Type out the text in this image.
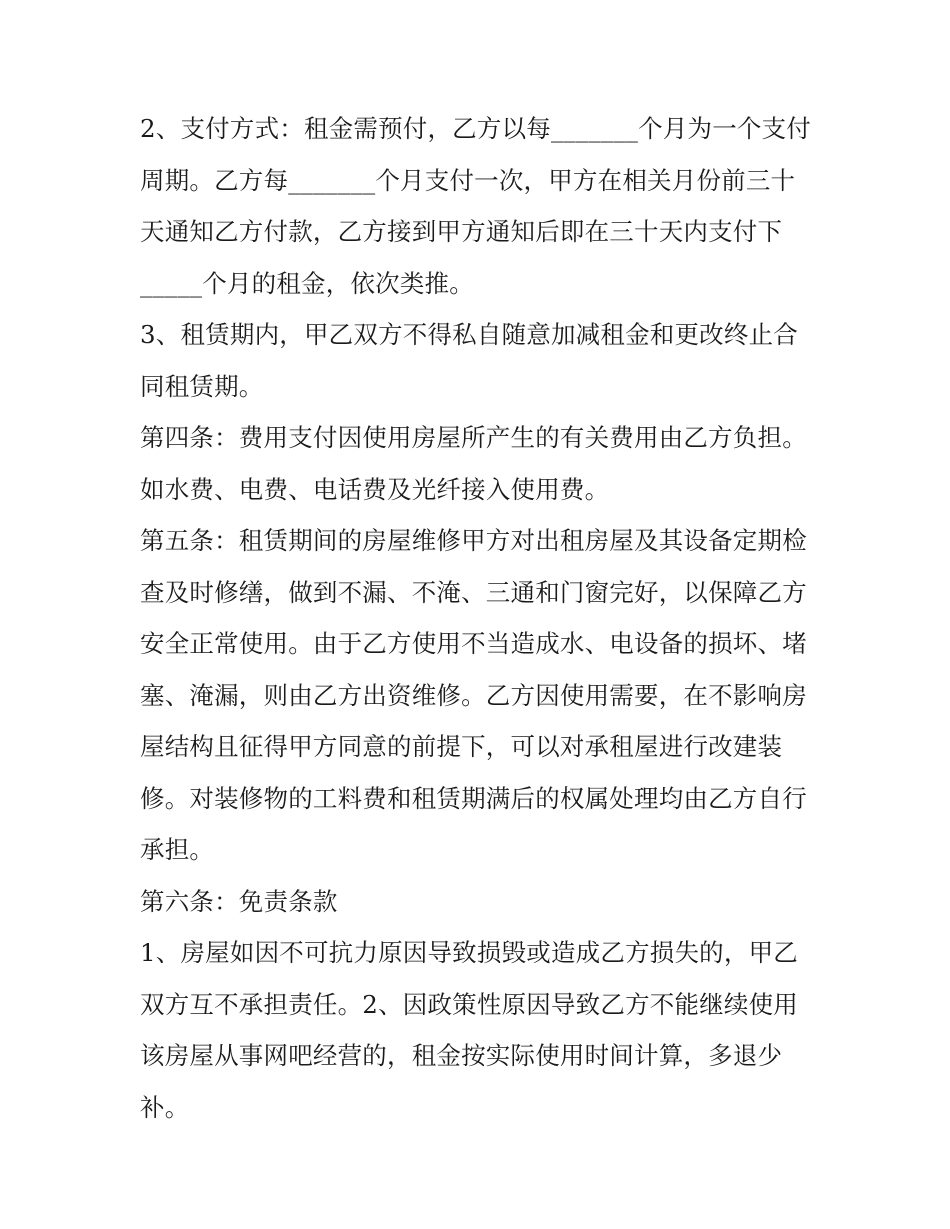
2、支付方式：租金需预付，乙方以每_______个月为一个支付

周期。乙方每_______个月支付一次，甲方在相关月份前三十

天通知乙方付款，乙方接到甲方通知后即在三十天内支付下

_____个月的租金，依次类推。

3、租赁期内，甲乙双方不得私自随意加减租金和更改终止合

同租赁期。

第四条：费用支付因使用房屋所产生的有关费用由乙方负担。

如水费、电费、电话费及光纤接入使用费。

第五条：租赁期间的房屋维修甲方对出租房屋及其设备定期检

查及时修缮，做到不漏、不淹、三通和门窗完好，以保障乙方

安全正常使用。由于乙方使用不当造成水、电设备的损坏、堵

塞、淹漏，则由乙方出资维修。乙方因使用需要，在不影响房

屋结构且征得甲方同意的前提下，可以对承租屋进行改建装

修。对装修物的工料费和租赁期满后的权属处理均由乙方自行

承担。

第六条：免责条款

1、房屋如因不可抗力原因导致损毁或造成乙方损失的，甲乙

双方互不承担责任。2、因政策性原因导致乙方不能继续使用

该房屋从事网吧经营的，租金按实际使用时间计算，多退少

补。
